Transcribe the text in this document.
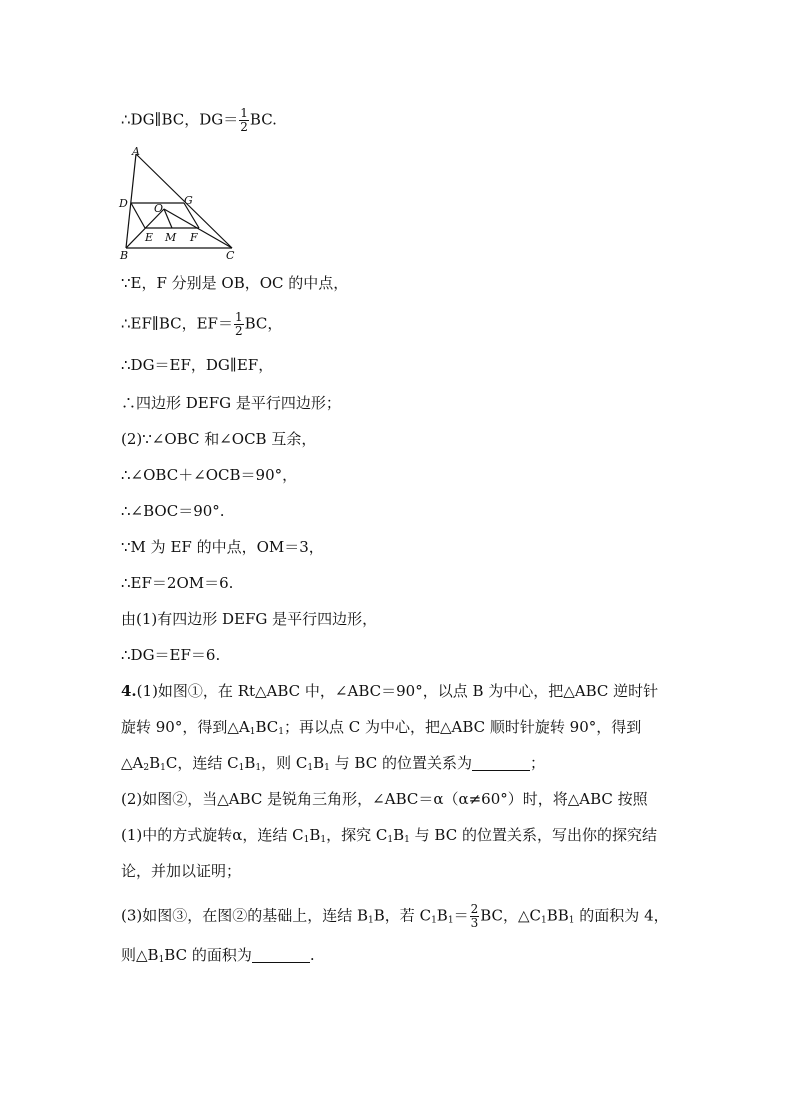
∴DG∥BC，$DG= \frac{1}{2}$ BC.
A
D	G
O
B
E M F
C
∵E，F 分别是 OB，OC 的中点，
∴EF∥BC，$EF= \frac{1}{2}$ BC，
∴DG＝EF，DG∥EF，
∴四边形 DEFG 是平行四边形；
(2)∵∠OBC 和∠OCB 互余，
∴∠OBC＋∠OCB＝90°，
∴∠BOC＝90°.
∵M 为 EF 的中点，OM＝3，
∴EF＝2OM＝6.
由(1)有四边形 DEFG 是平行四边形，
∴DG＝EF＝6.
4.(1)如图①，在 Rt△ABC 中，∠ABC＝90°，以点 B 为中心，把△ABC 逆时针
旋转 90°，得到$\triangle A_1BC_1$；再以点 C 为中心，把△ABC 顺时针旋转 90°，得到
$\triangle A_2B_1C$，连结 $C_1B_1$，则 $C_1B_1$ 与 BC 的位置关系为	；
(2)如图②，当△ABC 是锐角三角形，∠ABC＝α（α≠60°）时，将△ABC 按照
(1)中的方式旋转α，连结 $C_1B_1$，探究 $C_1B_1$ 与 BC 的位置关系，写出你的探究结
论，并加以证明；
(3)如图③，在图②的基础上，连结 $B_1B$，若 $C_1B_1= \frac{2}{3}$ BC，$\triangle C_1BB_1$ 的面积为 4，
则$\triangle B_1BC$ 的面积为	.
